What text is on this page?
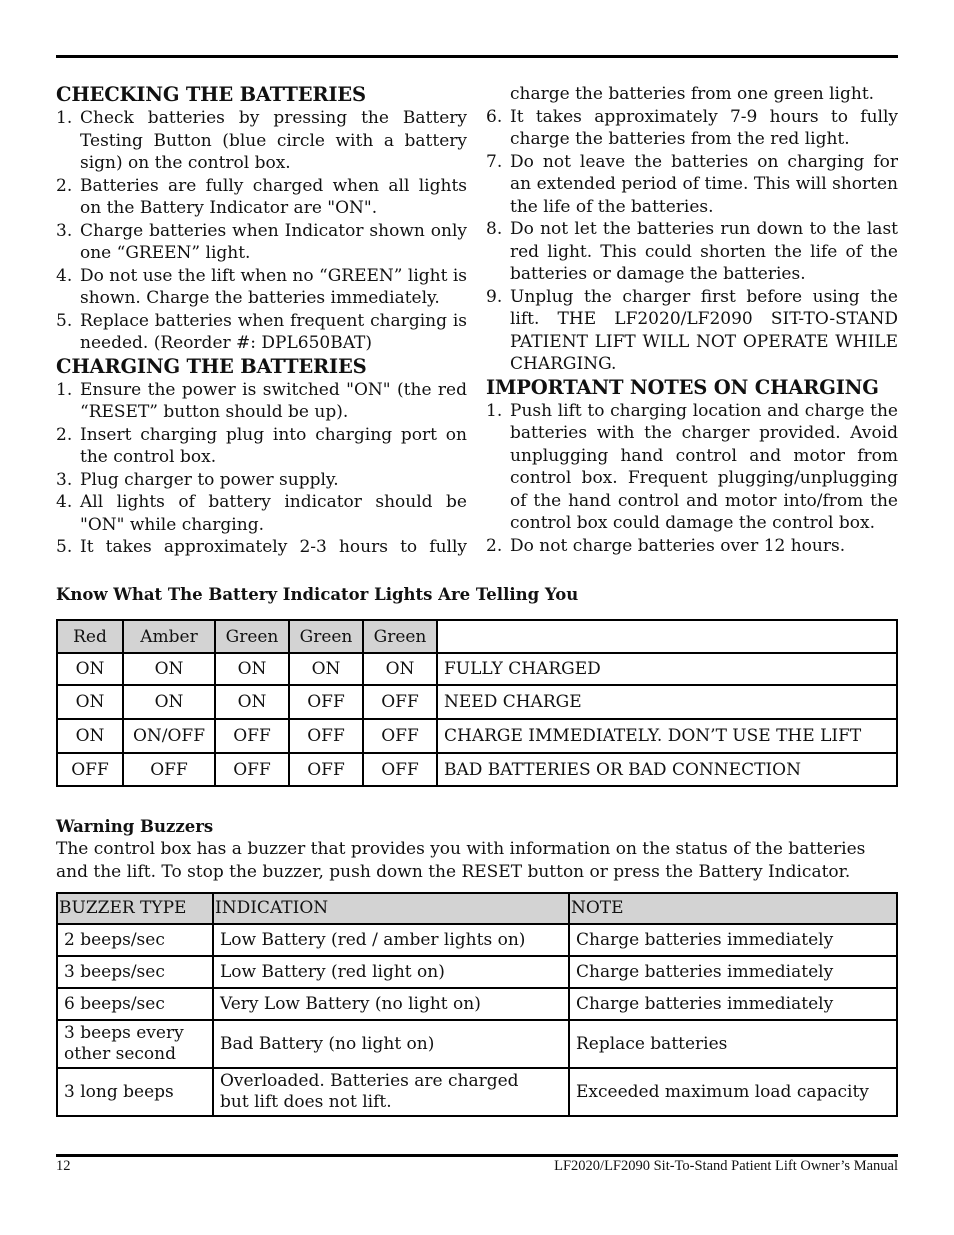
CHECKING THE BATTERIES
1. Check batteries by pressing the Battery Testing Button (blue circle with a battery sign) on the control box.
2. Batteries are fully charged when all lights on the Battery Indicator are "ON".
3. Charge batteries when Indicator shown only one “GREEN” light.
4. Do not use the lift when no “GREEN” light is shown. Charge the batteries immediately.
5. Replace batteries when frequent charging is needed. (Reorder #: DPL650BAT)
CHARGING THE BATTERIES
1. Ensure the power is switched "ON" (the red “RESET” button should be up).
2. Insert charging plug into charging port on the control box.
3. Plug charger to power supply.
4. All lights of battery indicator should be "ON" while charging.
5. It takes approximately 2-3 hours to fully
charge the batteries from one green light.
6. It takes approximately 7-9 hours to fully charge the batteries from the red light.
7. Do not leave the batteries on charging for an extended period of time. This will shorten the life of the batteries.
8. Do not let the batteries run down to the last red light. This could shorten the life of the batteries or damage the batteries.
9. Unplug the charger first before using the lift. THE LF2020/LF2090 SIT-TO-STAND PATIENT LIFT WILL NOT OPERATE WHILE CHARGING.
IMPORTANT NOTES ON CHARGING
1. Push lift to charging location and charge the batteries with the charger provided. Avoid unplugging hand control and motor from control box. Frequent plugging/unplugging of the hand control and motor into/from the control box could damage the control box.
2. Do not charge batteries over 12 hours.
Know What The Battery Indicator Lights Are Telling You
Red	Amber	Green	Green	Green	
ON	ON	ON	ON	ON	FULLY CHARGED
ON	ON	ON	OFF	OFF	NEED CHARGE
ON	ON/OFF	OFF	OFF	OFF	CHARGE IMMEDIATELY. DON’T USE THE LIFT
OFF	OFF	OFF	OFF	OFF	BAD BATTERIES OR BAD CONNECTION
Warning Buzzers
The control box has a buzzer that provides you with information on the status of the batteries and the lift. To stop the buzzer, push down the RESET button or press the Battery Indicator.
BUZZER TYPE	INDICATION	NOTE
2 beeps/sec	Low Battery (red / amber lights on)	Charge batteries immediately
3 beeps/sec	Low Battery (red light on)	Charge batteries immediately
6 beeps/sec	Very Low Battery (no light on)	Charge batteries immediately
3 beeps every other second	Bad Battery (no light on)	Replace batteries
3 long beeps	Overloaded. Batteries are charged but lift does not lift.	Exceeded maximum load capacity
12	LF2020/LF2090 Sit-To-Stand Patient Lift Owner’s Manual
